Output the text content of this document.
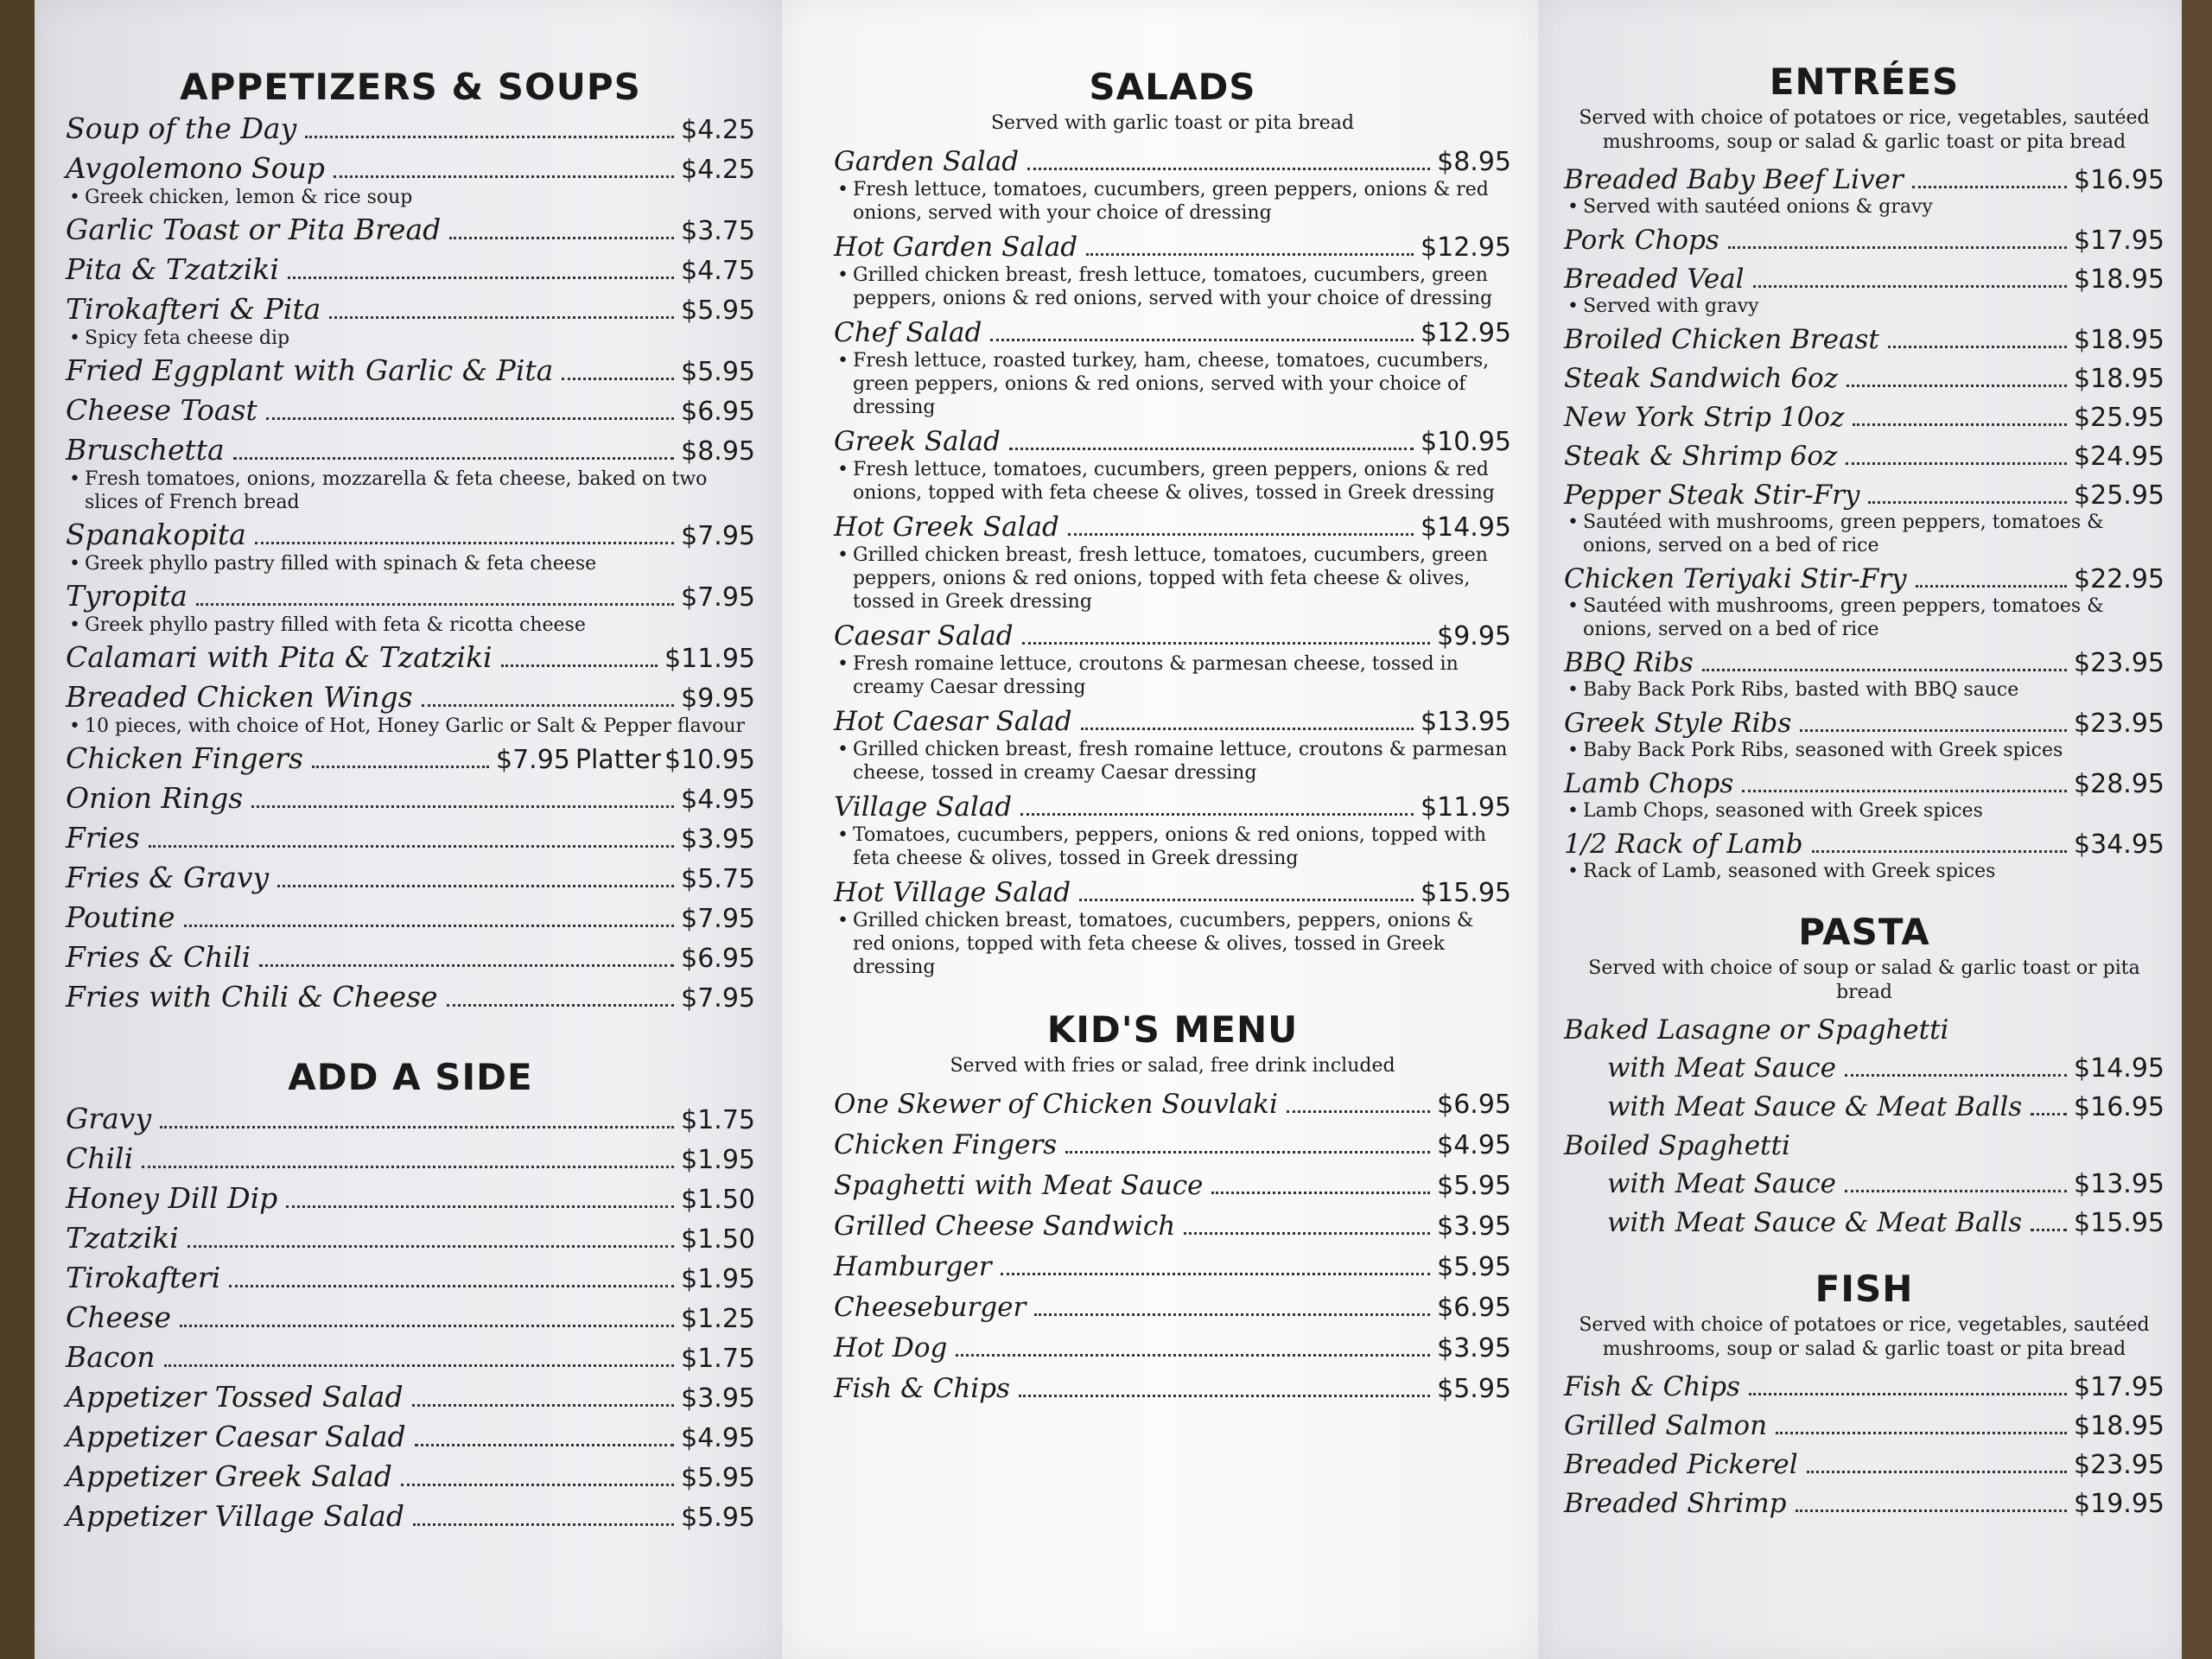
APPETIZERS & SOUPS
Soup of the Day	$4.25
Avgolemono Soup	$4.25
• Greek chicken, lemon & rice soup
Garlic Toast or Pita Bread	$3.75
Pita & Tzatziki	$4.75
Tirokafteri & Pita	$5.95
• Spicy feta cheese dip
Fried Eggplant with Garlic & Pita	$5.95
Cheese Toast	$6.95
Bruschetta	$8.95
• Fresh tomatoes, onions, mozzarella & feta cheese, baked on two slices of French bread
Spanakopita	$7.95
• Greek phyllo pastry filled with spinach & feta cheese
Tyropita	$7.95
• Greek phyllo pastry filled with feta & ricotta cheese
Calamari with Pita & Tzatziki	$11.95
Breaded Chicken Wings	$9.95
• 10 pieces, with choice of Hot, Honey Garlic or Salt & Pepper flavour
Chicken Fingers	$7.95 Platter $10.95
Onion Rings	$4.95
Fries	$3.95
Fries & Gravy	$5.75
Poutine	$7.95
Fries & Chili	$6.95
Fries with Chili & Cheese	$7.95
ADD A SIDE
Gravy	$1.75
Chili	$1.95
Honey Dill Dip	$1.50
Tzatziki	$1.50
Tirokafteri	$1.95
Cheese	$1.25
Bacon	$1.75
Appetizer Tossed Salad	$3.95
Appetizer Caesar Salad	$4.95
Appetizer Greek Salad	$5.95
Appetizer Village Salad	$5.95
SALADS
Served with garlic toast or pita bread
Garden Salad	$8.95
• Fresh lettuce, tomatoes, cucumbers, green peppers, onions & red onions, served with your choice of dressing
Hot Garden Salad	$12.95
• Grilled chicken breast, fresh lettuce, tomatoes, cucumbers, green peppers, onions & red onions, served with your choice of dressing
Chef Salad	$12.95
• Fresh lettuce, roasted turkey, ham, cheese, tomatoes, cucumbers, green peppers, onions & red onions, served with your choice of dressing
Greek Salad	$10.95
• Fresh lettuce, tomatoes, cucumbers, green peppers, onions & red onions, topped with feta cheese & olives, tossed in Greek dressing
Hot Greek Salad	$14.95
• Grilled chicken breast, fresh lettuce, tomatoes, cucumbers, green peppers, onions & red onions, topped with feta cheese & olives, tossed in Greek dressing
Caesar Salad	$9.95
• Fresh romaine lettuce, croutons & parmesan cheese, tossed in creamy Caesar dressing
Hot Caesar Salad	$13.95
• Grilled chicken breast, fresh romaine lettuce, croutons & parmesan cheese, tossed in creamy Caesar dressing
Village Salad	$11.95
• Tomatoes, cucumbers, peppers, onions & red onions, topped with feta cheese & olives, tossed in Greek dressing
Hot Village Salad	$15.95
• Grilled chicken breast, tomatoes, cucumbers, peppers, onions & red onions, topped with feta cheese & olives, tossed in Greek dressing
KID'S MENU
Served with fries or salad, free drink included
One Skewer of Chicken Souvlaki	$6.95
Chicken Fingers	$4.95
Spaghetti with Meat Sauce	$5.95
Grilled Cheese Sandwich	$3.95
Hamburger	$5.95
Cheeseburger	$6.95
Hot Dog	$3.95
Fish & Chips	$5.95
ENTRÉES
Served with choice of potatoes or rice, vegetables, sautéed mushrooms, soup or salad & garlic toast or pita bread
Breaded Baby Beef Liver	$16.95
• Served with sautéed onions & gravy
Pork Chops	$17.95
Breaded Veal	$18.95
• Served with gravy
Broiled Chicken Breast	$18.95
Steak Sandwich 6oz	$18.95
New York Strip 10oz	$25.95
Steak & Shrimp 6oz	$24.95
Pepper Steak Stir-Fry	$25.95
• Sautéed with mushrooms, green peppers, tomatoes & onions, served on a bed of rice
Chicken Teriyaki Stir-Fry	$22.95
• Sautéed with mushrooms, green peppers, tomatoes & onions, served on a bed of rice
BBQ Ribs	$23.95
• Baby Back Pork Ribs, basted with BBQ sauce
Greek Style Ribs	$23.95
• Baby Back Pork Ribs, seasoned with Greek spices
Lamb Chops	$28.95
• Lamb Chops, seasoned with Greek spices
1/2 Rack of Lamb	$34.95
• Rack of Lamb, seasoned with Greek spices
PASTA
Served with choice of soup or salad & garlic toast or pita bread
Baked Lasagne or Spaghetti
with Meat Sauce	$14.95
with Meat Sauce & Meat Balls $16.95
Boiled Spaghetti
with Meat Sauce	$13.95
with Meat Sauce & Meat Balls $15.95
FISH
Served with choice of potatoes or rice, vegetables, sautéed mushrooms, soup or salad & garlic toast or pita bread
Fish & Chips	$17.95
Grilled Salmon	$18.95
Breaded Pickerel	$23.95
Breaded Shrimp	$19.95
